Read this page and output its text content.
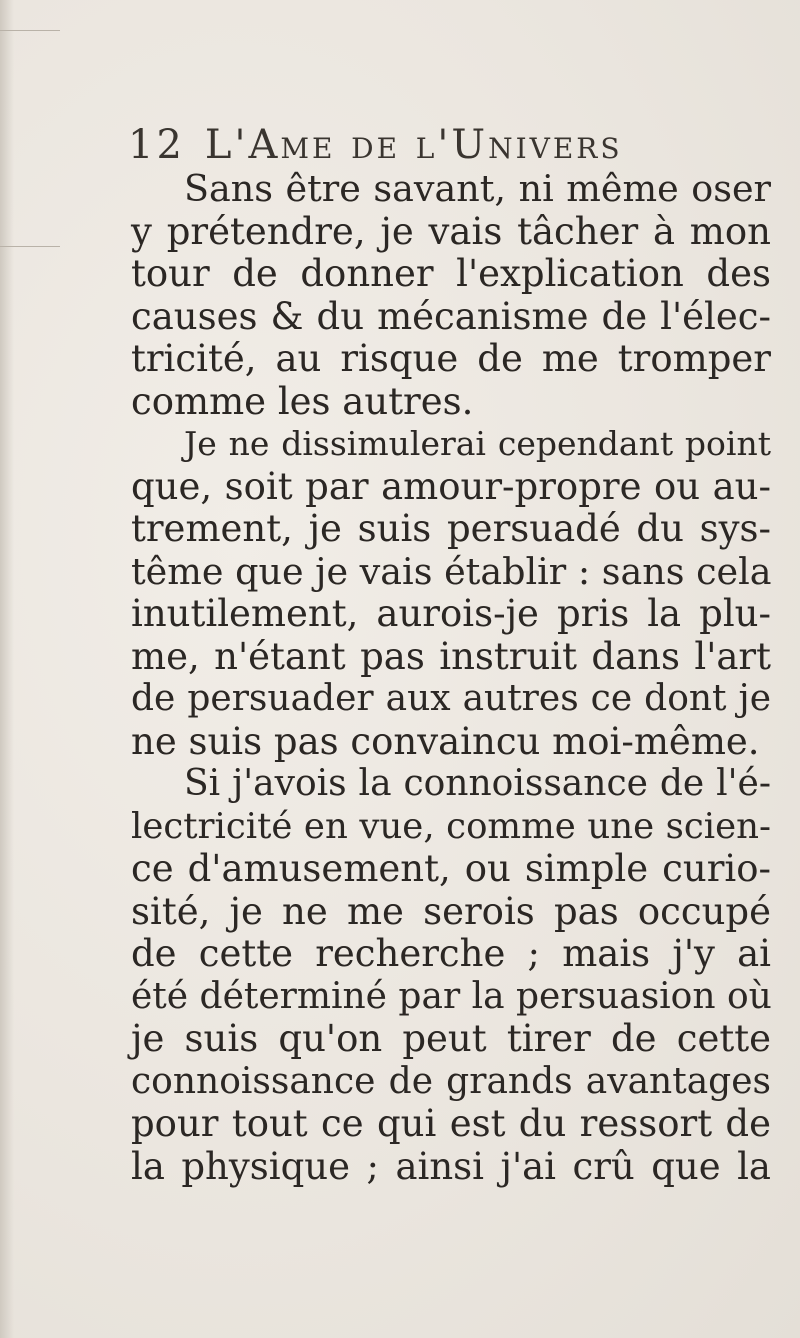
12 L'Ame de l'Univers
Sans être savant, ni même oser
y prétendre, je vais tâcher à mon
tour de donner l'explication des
causes & du mécanisme de l'élec-
tricité, au risque de me tromper
comme les autres.
Je ne dissimulerai cependant point
que, soit par amour-propre ou au-
trement, je suis persuadé du sys-
tême que je vais établir : sans cela
inutilement, aurois-je pris la plu-
me, n'étant pas instruit dans l'art
de persuader aux autres ce dont je
ne suis pas convaincu moi-même.
Si j'avois la connoissance de l'é-
lectricité en vue, comme une scien-
ce d'amusement, ou simple curio-
sité, je ne me serois pas occupé
de cette recherche ; mais j'y ai
été déterminé par la persuasion où
je suis qu'on peut tirer de cette
connoissance de grands avantages
pour tout ce qui est du ressort de
la physique ; ainsi j'ai crû que la
